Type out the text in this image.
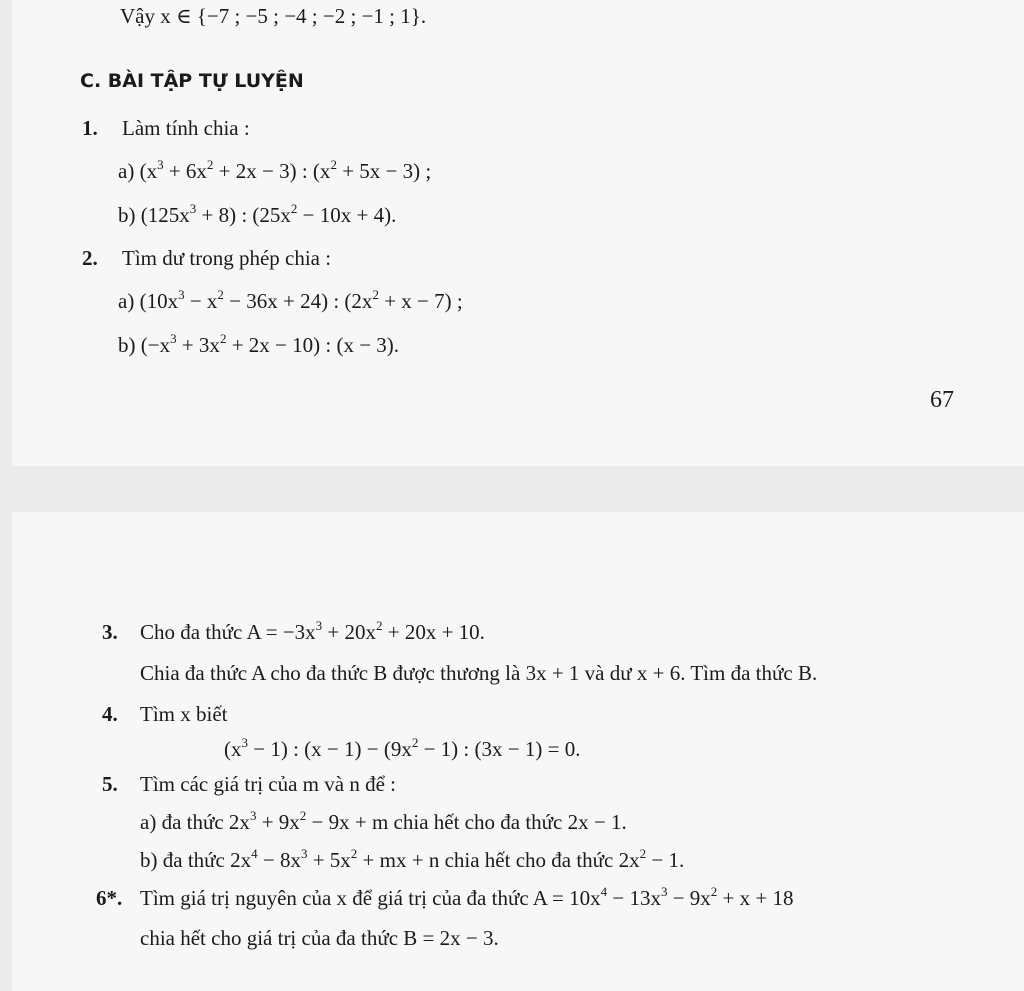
Vậy x ∈ {−7 ; −5 ; −4 ; −2 ; −1 ; 1}.
C. BÀI TẬP TỰ LUYỆN
1. Làm tính chia :
a) $(x^3 + 6x^2 + 2x - 3)$ : $(x^2 + 5x - 3)$ ;
b) $(125x^3 + 8)$ : $(25x^2 - 10x + 4)$.
2. Tìm dư trong phép chia :
a) $(10x^3 - x^2 - 36x + 24)$ : $(2x^2 + x - 7)$ ;
b) $(-x^3 + 3x^2 + 2x - 10)$ : (x − 3).
67
3. Cho đa thức $A = -3x^3 + 20x^2 + 20x + 10$.
Chia đa thức A cho đa thức B được thương là 3x + 1 và dư x + 6. Tìm đa thức B.
4. Tìm x biết
$(x^3 - 1)$ : $(x - 1) - (9x^2 - 1)$ : (3x − 1) = 0.
5. Tìm các giá trị của m và n để :
a) đa thức $2x^3 + 9x^2 - 9x + m$ chia hết cho đa thức 2x − 1.
b) đa thức $2x^4 - 8x^3 + 5x^2$ + mx + n chia hết cho đa thức $2x^2 - 1$.
6*. Tìm giá trị nguyên của x để giá trị của đa thức $A = 10x^4 - 13x^3 - 9x^2 + x + 18$
chia hết cho giá trị của đa thức B = 2x − 3.
